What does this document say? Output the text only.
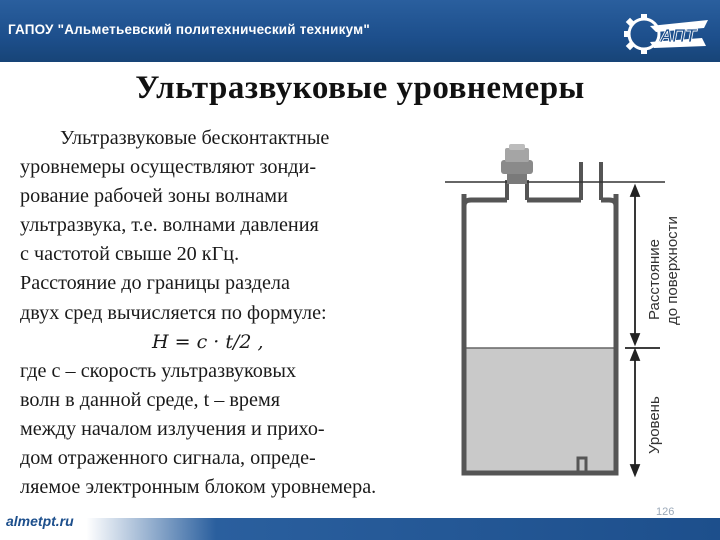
ГАПОУ "Альметьевский политехнический техникум"	АПТ
Ультразвуковые уровнемеры
Ультразвуковые бесконтактные
уровнемеры осуществляют зонди-
рование рабочей зоны волнами
ультразвука, т.е. волнами давления
с частотой свыше 20 кГц.
Расстояние до границы раздела
двух сред вычисляется по формуле:
H = c · t/2 ,
где c – скорость ультразвуковых
волн в данной среде, t – время
между началом излучения и прихо-
дом отраженного сигнала, опреде-
ляемое электронным блоком уровнемера.
Расстояние до поверхности
Уровень
almetpt.ru
126
